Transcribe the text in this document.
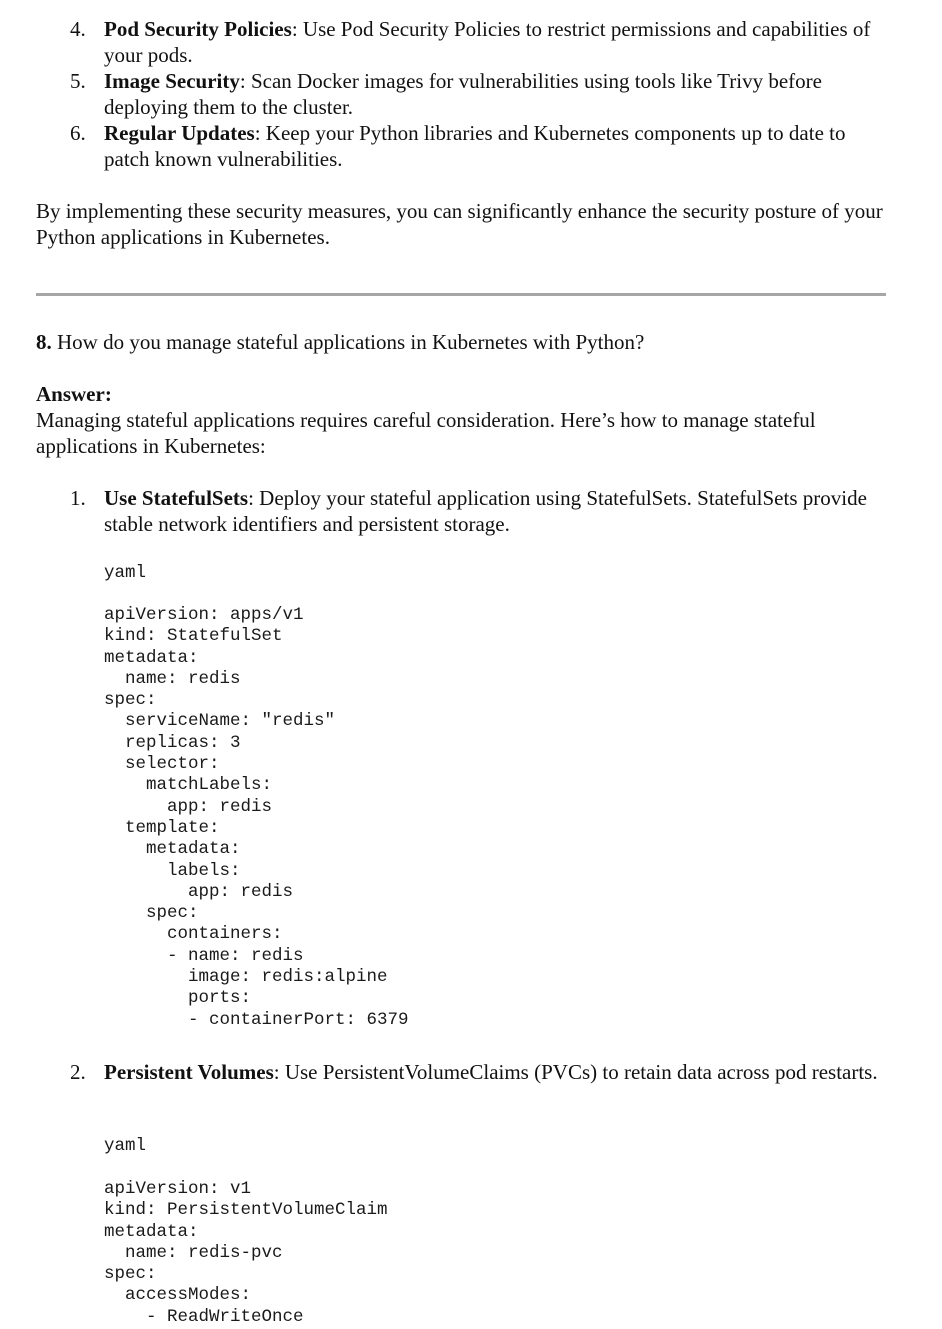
4. Pod Security Policies: Use Pod Security Policies to restrict permissions and capabilities of your pods.
5. Image Security: Scan Docker images for vulnerabilities using tools like Trivy before deploying them to the cluster.
6. Regular Updates: Keep your Python libraries and Kubernetes components up to date to patch known vulnerabilities.
By implementing these security measures, you can significantly enhance the security posture of your Python applications in Kubernetes.
8. How do you manage stateful applications in Kubernetes with Python?
Answer:
Managing stateful applications requires careful consideration. Here’s how to manage stateful applications in Kubernetes:
1. Use StatefulSets: Deploy your stateful application using StatefulSets. StatefulSets provide stable network identifiers and persistent storage.
yaml
apiVersion: apps/v1
kind: StatefulSet
metadata:
name: redis
spec:
serviceName: "redis"
replicas: 3
selector:
matchLabels:
app: redis
template:
metadata:
labels:
app: redis
spec:
containers:
- name: redis
image: redis:alpine
ports:
- containerPort: 6379
2. Persistent Volumes: Use PersistentVolumeClaims (PVCs) to retain data across pod restarts.
yaml
apiVersion: v1
kind: PersistentVolumeClaim
metadata:
name: redis-pvc
spec:
accessModes:
- ReadWriteOnce
